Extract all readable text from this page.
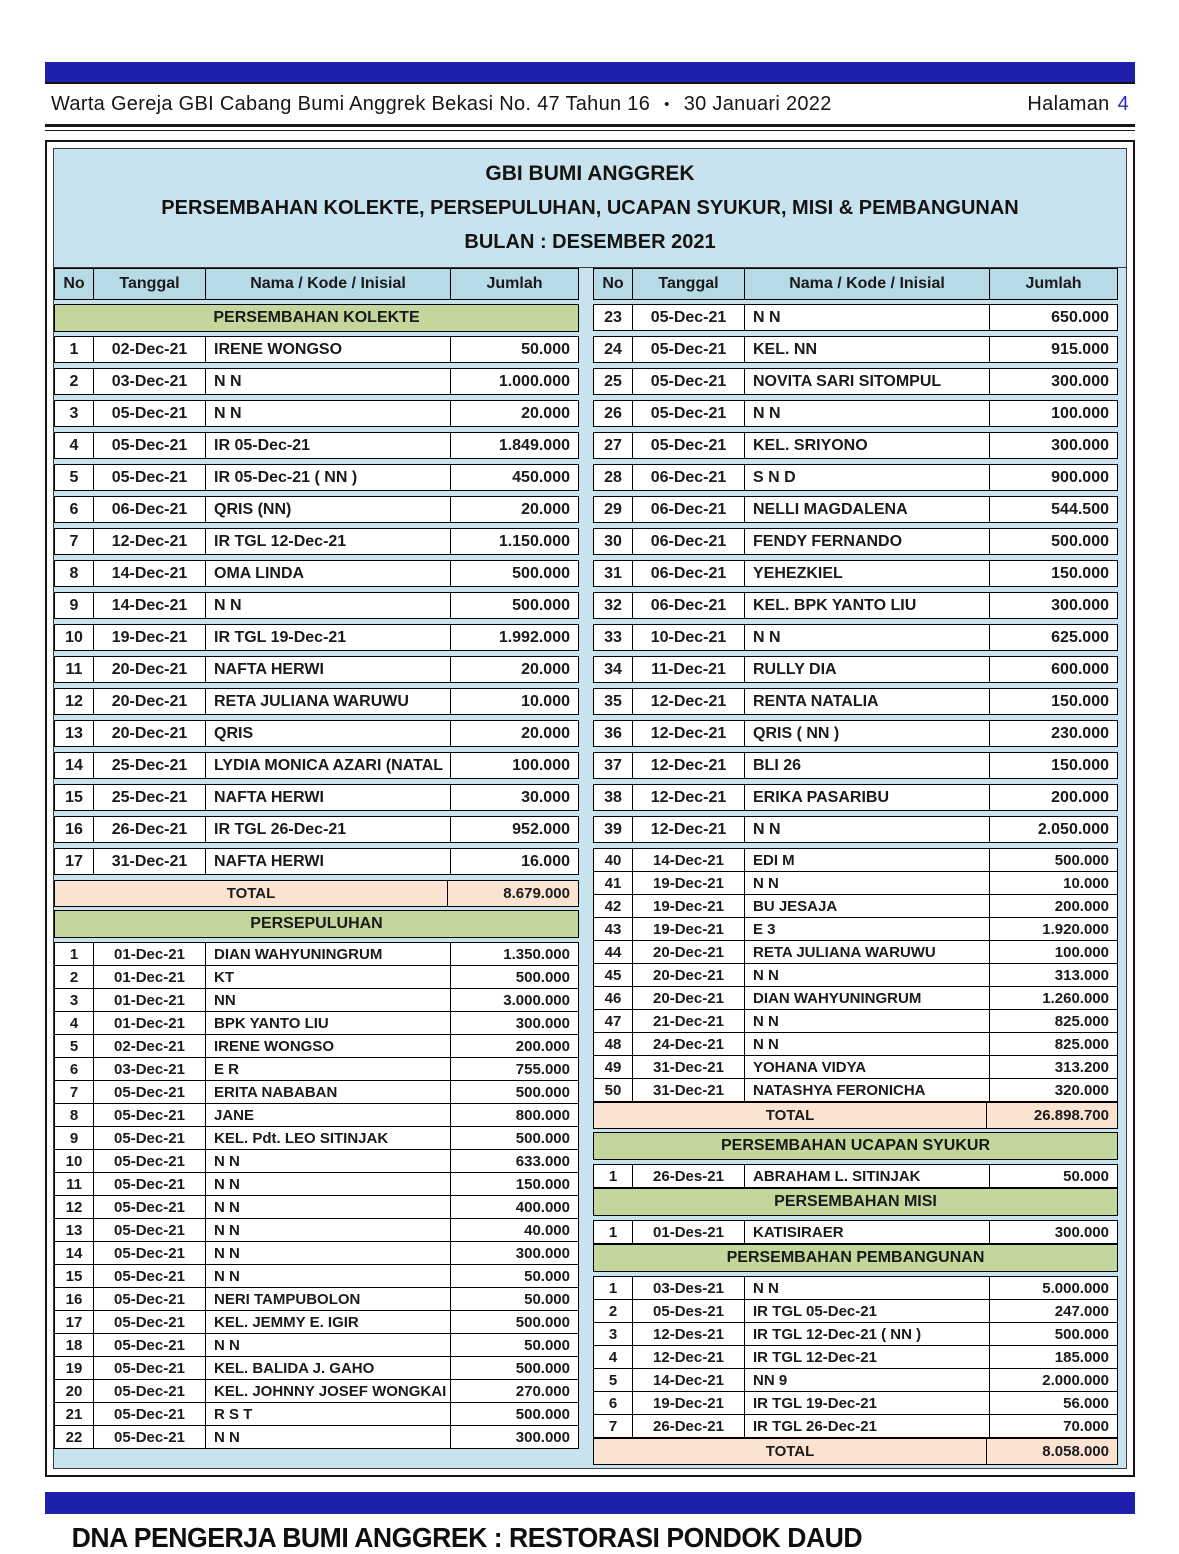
Warta Gereja GBI Cabang Bumi Anggrek Bekasi No. 47 Tahun 16 • 30 Januari 2022	Halaman 4
GBI BUMI ANGGREK
PERSEMBAHAN KOLEKTE, PERSEPULUHAN, UCAPAN SYUKUR, MISI & PEMBANGUNAN
BULAN : DESEMBER 2021
No	Tanggal	Nama / Kode / Inisial	Jumlah
PERSEMBAHAN KOLEKTE
1	02-Dec-21	IRENE WONGSO	50.000
2	03-Dec-21	N N	1.000.000
3	05-Dec-21	N N	20.000
4	05-Dec-21	IR 05-Dec-21	1.849.000
5	05-Dec-21	IR 05-Dec-21 ( NN )	450.000
6	06-Dec-21	QRIS (NN)	20.000
7	12-Dec-21	IR TGL 12-Dec-21	1.150.000
8	14-Dec-21	OMA LINDA	500.000
9	14-Dec-21	N N	500.000
10	19-Dec-21	IR TGL 19-Dec-21	1.992.000
11	20-Dec-21	NAFTA HERWI	20.000
12	20-Dec-21	RETA JULIANA WARUWU	10.000
13	20-Dec-21	QRIS	20.000
14	25-Dec-21	LYDIA MONICA AZARI (NATAL	100.000
15	25-Dec-21	NAFTA HERWI	30.000
16	26-Dec-21	IR TGL 26-Dec-21	952.000
17	31-Dec-21	NAFTA HERWI	16.000
TOTAL	8.679.000
PERSEPULUHAN
1	01-Dec-21	DIAN WAHYUNINGRUM	1.350.000
2	01-Dec-21	KT	500.000
3	01-Dec-21	NN	3.000.000
4	01-Dec-21	BPK YANTO LIU	300.000
5	02-Dec-21	IRENE WONGSO	200.000
6	03-Dec-21	E R	755.000
7	05-Dec-21	ERITA NABABAN	500.000
8	05-Dec-21	JANE	800.000
9	05-Dec-21	KEL. Pdt. LEO SITINJAK	500.000
10	05-Dec-21	N N	633.000
11	05-Dec-21	N N	150.000
12	05-Dec-21	N N	400.000
13	05-Dec-21	N N	40.000
14	05-Dec-21	N N	300.000
15	05-Dec-21	N N	50.000
16	05-Dec-21	NERI TAMPUBOLON	50.000
17	05-Dec-21	KEL. JEMMY E. IGIR	500.000
18	05-Dec-21	N N	50.000
19	05-Dec-21	KEL. BALIDA J. GAHO	500.000
20	05-Dec-21	KEL. JOHNNY JOSEF WONGKAI	270.000
21	05-Dec-21	R S T	500.000
22	05-Dec-21	N N	300.000
No	Tanggal	Nama / Kode / Inisial	Jumlah
23	05-Dec-21	N N	650.000
24	05-Dec-21	KEL. NN	915.000
25	05-Dec-21	NOVITA SARI SITOMPUL	300.000
26	05-Dec-21	N N	100.000
27	05-Dec-21	KEL. SRIYONO	300.000
28	06-Dec-21	S N D	900.000
29	06-Dec-21	NELLI MAGDALENA	544.500
30	06-Dec-21	FENDY FERNANDO	500.000
31	06-Dec-21	YEHEZKIEL	150.000
32	06-Dec-21	KEL. BPK YANTO LIU	300.000
33	10-Dec-21	N N	625.000
34	11-Dec-21	RULLY DIA	600.000
35	12-Dec-21	RENTA NATALIA	150.000
36	12-Dec-21	QRIS ( NN )	230.000
37	12-Dec-21	BLI 26	150.000
38	12-Dec-21	ERIKA PASARIBU	200.000
39	12-Dec-21	N N	2.050.000
40	14-Dec-21	EDI M	500.000
41	19-Dec-21	N N	10.000
42	19-Dec-21	BU JESAJA	200.000
43	19-Dec-21	E 3	1.920.000
44	20-Dec-21	RETA JULIANA WARUWU	100.000
45	20-Dec-21	N N	313.000
46	20-Dec-21	DIAN WAHYUNINGRUM	1.260.000
47	21-Dec-21	N N	825.000
48	24-Dec-21	N N	825.000
49	31-Dec-21	YOHANA VIDYA	313.200
50	31-Dec-21	NATASHYA FERONICHA	320.000
TOTAL	26.898.700
PERSEMBAHAN UCAPAN SYUKUR
1	26-Des-21	ABRAHAM L. SITINJAK	50.000
PERSEMBAHAN MISI
1	01-Des-21	KATISIRAER	300.000
PERSEMBAHAN PEMBANGUNAN
1	03-Des-21	N N	5.000.000
2	05-Des-21	IR TGL 05-Dec-21	247.000
3	12-Des-21	IR TGL 12-Dec-21 ( NN )	500.000
4	12-Dec-21	IR TGL 12-Dec-21	185.000
5	14-Dec-21	NN 9	2.000.000
6	19-Dec-21	IR TGL 19-Dec-21	56.000
7	26-Dec-21	IR TGL 26-Dec-21	70.000
TOTAL	8.058.000
DNA PENGERJA BUMI ANGGREK : RESTORASI PONDOK DAUD
